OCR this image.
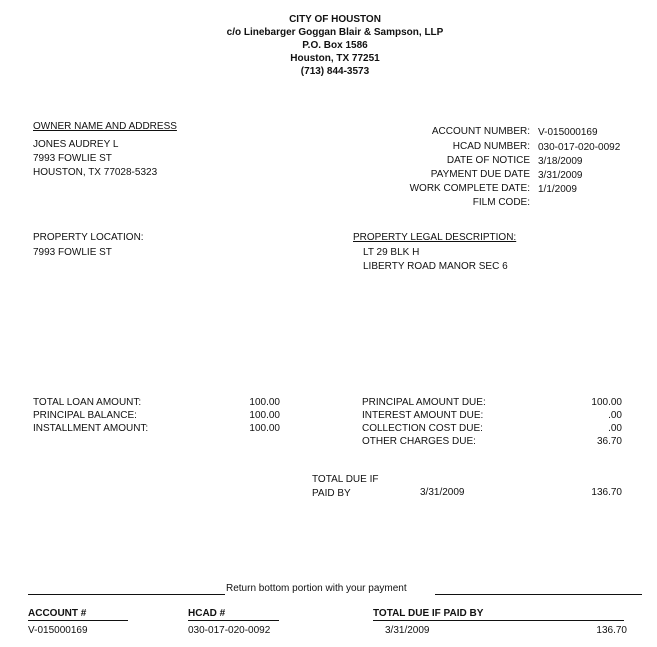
CITY OF HOUSTON
c/o Linebarger Goggan Blair & Sampson, LLP
P.O. Box 1586
Houston, TX 77251
(713) 844-3573
OWNER NAME AND ADDRESS
JONES AUDREY L
7993 FOWLIE ST
HOUSTON, TX 77028-5323
ACCOUNT NUMBER: V-015000169
HCAD NUMBER: 030-017-020-0092
DATE OF NOTICE 3/18/2009
PAYMENT DUE DATE 3/31/2009
WORK COMPLETE DATE: 1/1/2009
FILM CODE:
PROPERTY LOCATION:
7993 FOWLIE ST
PROPERTY LEGAL DESCRIPTION:
LT 29 BLK H
LIBERTY ROAD MANOR SEC 6
TOTAL LOAN AMOUNT:	100.00
PRINCIPAL BALANCE:	100.00
INSTALLMENT AMOUNT:	100.00
PRINCIPAL AMOUNT DUE:	100.00
INTEREST AMOUNT DUE:	.00
COLLECTION COST DUE:	.00
OTHER CHARGES DUE:	36.70
TOTAL DUE IF
PAID BY	3/31/2009	136.70
Return bottom portion with your payment
ACCOUNT #	HCAD #	TOTAL DUE IF PAID BY
V-015000169	030-017-020-0092	3/31/2009	136.70
